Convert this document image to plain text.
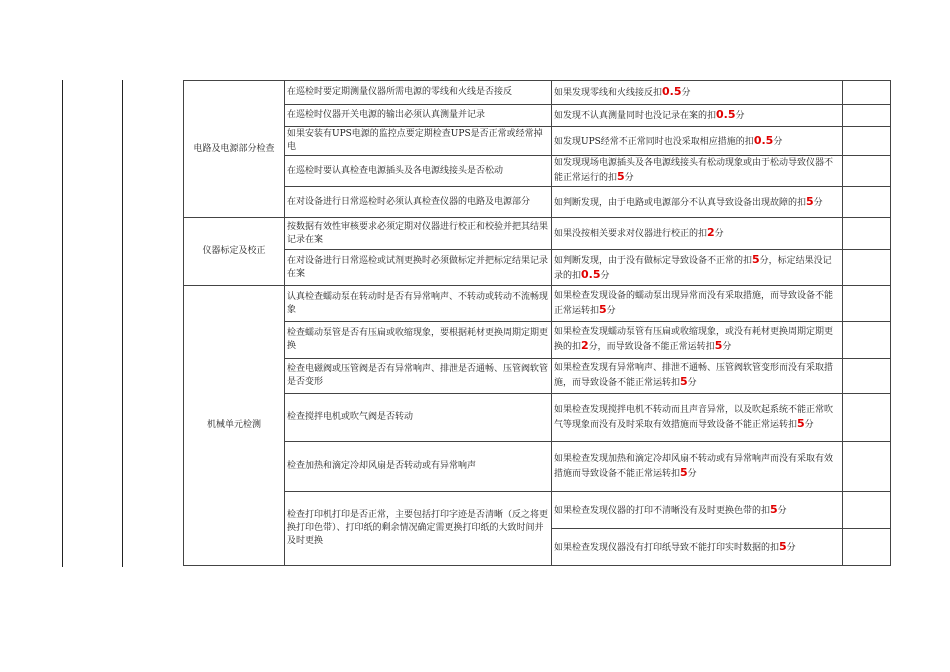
电路及电源部分检查	在巡检时要定期测量仪器所需电源的零线和火线是否接反	如果发现零线和火线接反扣0.5分	
	在巡检时仪器开关电源的输出必须认真测量并记录	如发现不认真测量同时也没记录在案的扣0.5分	
	如果安装有UPS电源的监控点要定期检查UPS是否正常或经常掉电	如发现UPS经常不正常同时也没采取相应措施的扣0.5分	
	在巡检时要认真检查电源插头及各电源线接头是否松动	如发现现场电源插头及各电源线接头有松动现象或由于松动导致仪器不能正常运行的扣5分	
	在对设备进行日常巡检时必须认真检查仪器的电路及电源部分	如判断发现，由于电路或电源部分不认真导致设备出现故障的扣5分	
仪器标定及校正	按数据有效性审核要求必须定期对仪器进行校正和校验并把其结果记录在案	如果没按相关要求对仪器进行校正的扣2分	
	在对设备进行日常巡检或试剂更换时必须做标定并把标定结果记录在案	如判断发现，由于没有做标定导致设备不正常的扣5分，标定结果没记录的扣0.5分	
机械单元检测	认真检查蠕动泵在转动时是否有异常响声、不转动或转动不流畅现象	如果检查发现设备的蠕动泵出现异常而没有采取措施，而导致设备不能正常运转扣5分	
	检查蠕动泵管是否有压扁或收缩现象，要根据耗材更换周期定期更换	如果检查发现蠕动泵管有压扁或收缩现象，或没有耗材更换周期定期更换的扣2分，而导致设备不能正常运转扣5分	
	检查电磁阀或压管阀是否有异常响声、排泄是否通畅、压管阀软管是否变形	如果检查发现有异常响声、排泄不通畅、压管阀软管变形而没有采取措施，而导致设备不能正常运转扣5分	
	检查搅拌电机或吹气阀是否转动	如果检查发现搅拌电机不转动而且声音异常，以及吹起系统不能正常吹气等现象而没有及时采取有效措施而导致设备不能正常运转扣5分	
	检查加热和滴定冷却风扇是否转动或有异常响声	如果检查发现加热和滴定冷却风扇不转动或有异常响声而没有采取有效措施而导致设备不能正常运转扣5分	
	检查打印机打印是否正常，主要包括打印字迹是否清晰（反之将更换打印色带）、打印纸的剩余情况确定需更换打印纸的大致时间并及时更换	如果检查发现仪器的打印不清晰没有及时更换色带的扣5分	
		如果检查发现仪器没有打印纸导致不能打印实时数据的扣5分	
